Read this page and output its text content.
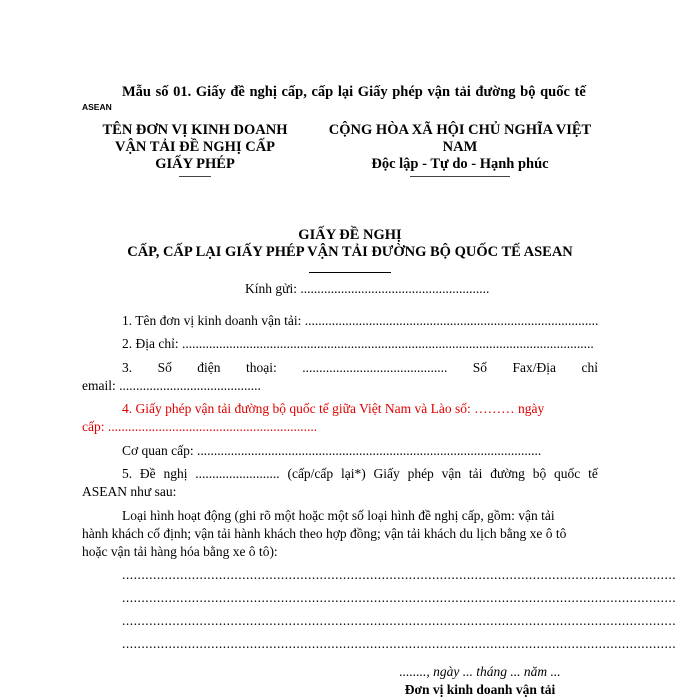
Mẫu số 01. Giấy đề nghị cấp, cấp lại Giấy phép vận tải đường bộ quốc tế
ASEAN
TÊN ĐƠN VỊ KINH DOANH
VẬN TẢI ĐỀ NGHỊ CẤP
GIẤY PHÉP
CỘNG HÒA XÃ HỘI CHỦ NGHĨA VIỆT
NAM
Độc lập - Tự do - Hạnh phúc
GIẤY ĐỀ NGHỊ
CẤP, CẤP LẠI GIẤY PHÉP VẬN TẢI ĐƯỜNG BỘ QUỐC TẾ ASEAN
Kính gửi: ........................................................
1. Tên đơn vị kinh doanh vận tải: .......................................................................................
2. Địa chỉ: ..........................................................................................................................
3. Số điện thoại: ........................................... Số Fax/Địa chỉ
email: ..........................................
4. Giấy phép vận tải đường bộ quốc tế giữa Việt Nam và Lào số: ……… ngày
cấp: ..............................................................
Cơ quan cấp: ......................................................................................................
5. Đề nghị ......................... (cấp/cấp lại*) Giấy phép vận tải đường bộ quốc tế
ASEAN như sau:
Loại hình hoạt động (ghi rõ một hoặc một số loại hình đề nghị cấp, gồm: vận tải
hành khách cố định; vận tải hành khách theo hợp đồng; vận tải khách du lịch bằng xe ô tô
hoặc vận tải hàng hóa bằng xe ô tô):
...............................................................................................................................................
...............................................................................................................................................
...............................................................................................................................................
...............................................................................................................................................
........, ngày ... tháng ... năm ...
Đơn vị kinh doanh vận tải
